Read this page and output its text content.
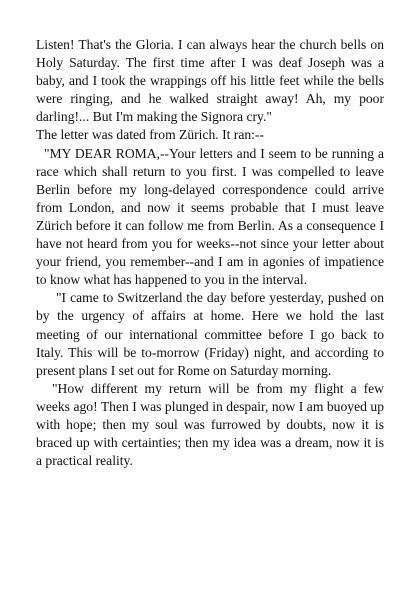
Listen! That's the Gloria. I can always hear the church bells on Holy Saturday. The first time after I was deaf Joseph was a baby, and I took the wrappings off his little feet while the bells were ringing, and he walked straight away! Ah, my poor darling!... But I'm making the Signora cry."

The letter was dated from Zürich. It ran:--

"MY DEAR ROMA,--Your letters and I seem to be running a race which shall return to you first. I was compelled to leave Berlin before my long-delayed correspondence could arrive from London, and now it seems probable that I must leave Zürich before it can follow me from Berlin. As a consequence I have not heard from you for weeks--not since your letter about your friend, you remember--and I am in agonies of impatience to know what has happened to you in the interval.

"I came to Switzerland the day before yesterday, pushed on by the urgency of affairs at home. Here we hold the last meeting of our international committee before I go back to Italy. This will be to-morrow (Friday) night, and according to present plans I set out for Rome on Saturday morning.

"How different my return will be from my flight a few weeks ago! Then I was plunged in despair, now I am buoyed up with hope; then my soul was furrowed by doubts, now it is braced up with certainties; then my idea was a dream, now it is a practical reality.
